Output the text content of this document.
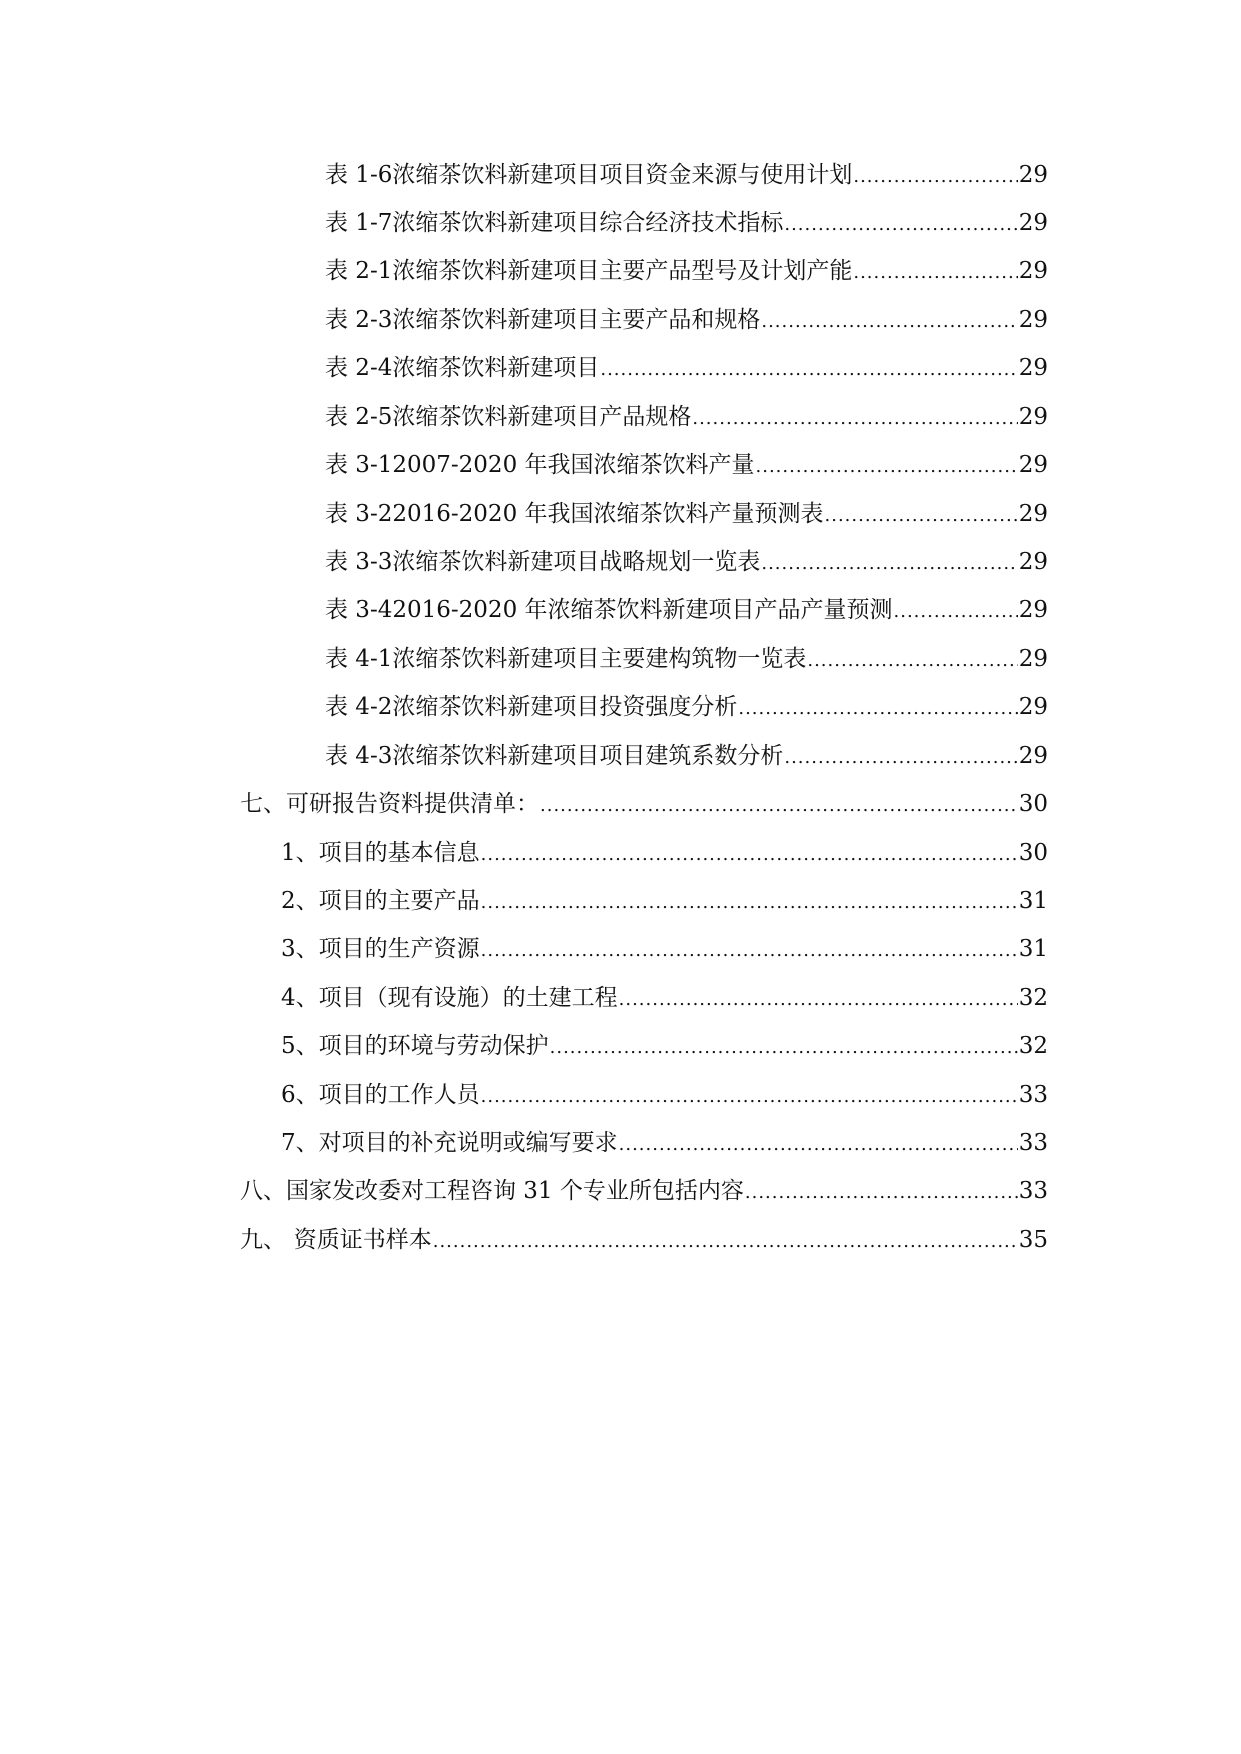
表 1-6 浓缩茶饮料新建项目项目资金来源与使用计划 .....	29
表 1-7 浓缩茶饮料新建项目综合经济技术指标 .....	29
表 2-1 浓缩茶饮料新建项目主要产品型号及计划产能 .....	29
表 2-3 浓缩茶饮料新建项目主要产品和规格 .....	29
表 2-4 浓缩茶饮料新建项目 .....	29
表 2-5 浓缩茶饮料新建项目产品规格 .....	29
表 3-1 2007-2020 年我国浓缩茶饮料产量 .....	29
表 3-2 2016-2020 年我国浓缩茶饮料产量预测表 .....	29
表 3-3 浓缩茶饮料新建项目战略规划一览表 .....	29
表 3-4 2016-2020 年浓缩茶饮料新建项目产品产量预测 .....	29
表 4-1 浓缩茶饮料新建项目主要建构筑物一览表 .....	29
表 4-2 浓缩茶饮料新建项目投资强度分析 .....	29
表 4-3 浓缩茶饮料新建项目项目建筑系数分析 .....	29
七、可研报告资料提供清单： .....	30
1、项目的基本信息 .....	30
2、项目的主要产品 .....	31
3、项目的生产资源 .....	31
4、项目（现有设施）的土建工程 .....	32
5、项目的环境与劳动保护 .....	32
6、项目的工作人员 .....	33
7、对项目的补充说明或编写要求 .....	33
八、国家发改委对工程咨询 31 个专业所包括内容 .....	33
九、 资质证书样本 .....	35
